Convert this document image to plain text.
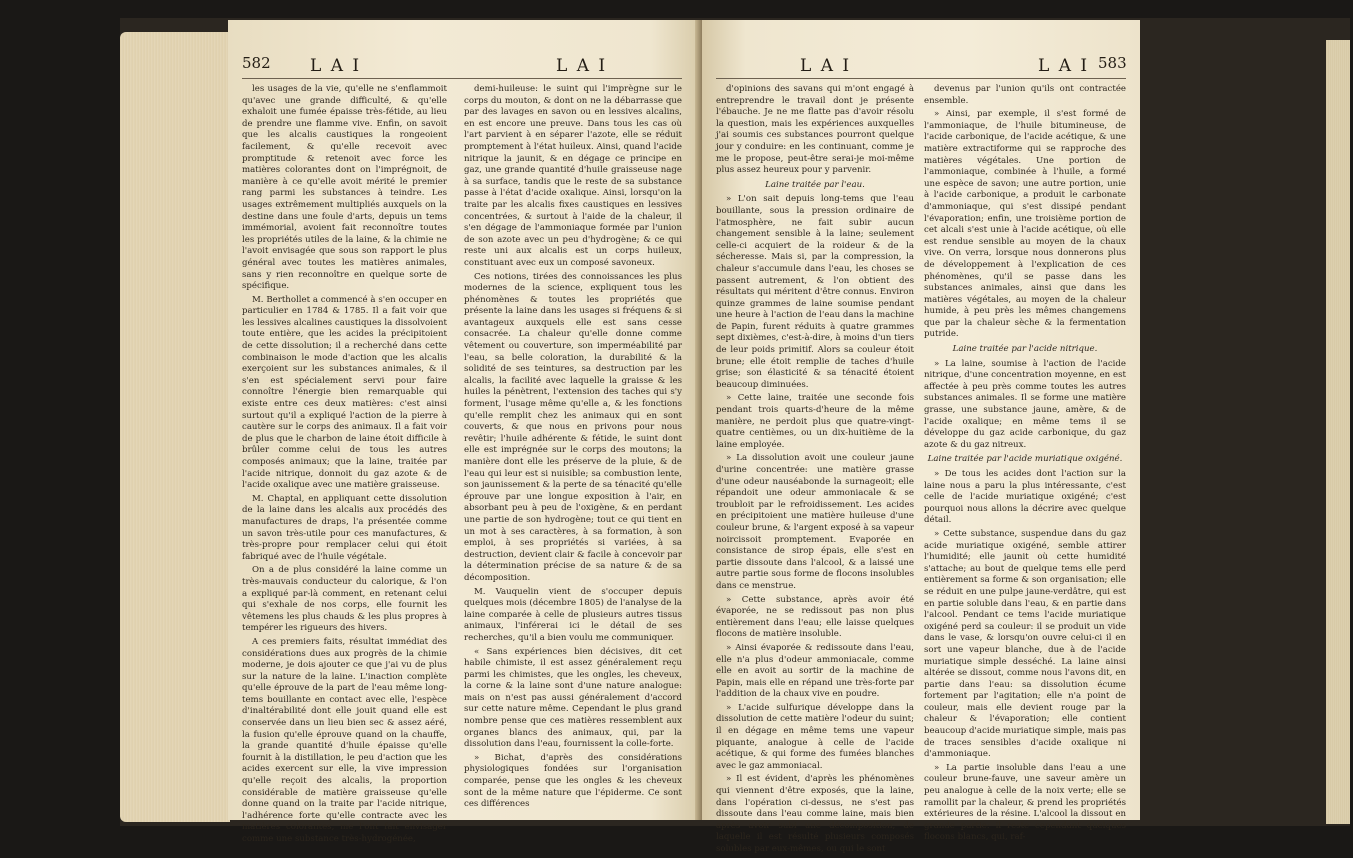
582 L A I	L A I

les usages de la vie, qu'elle ne s'enflammoit qu'avec une grande difficulté, & qu'elle exhaloit une fumée épaisse très-fétide, au lieu de prendre une flamme vive. Enfin, on savoit que les alcalis caustiques la rongeoient facilement, & qu'elle recevoit avec promptitude & retenoit avec force les matières colorantes dont on l'imprégnoit, de manière à ce qu'elle avoit mérité le premier rang parmi les substances à teindre. Les usages extrêmement multipliés auxquels on la destine dans une foule d'arts, depuis un tems immémorial, avoient fait reconnoître toutes les propriétés utiles de la laine, & la chimie ne l'avoit envisagée que sous son rapport le plus général avec toutes les matières animales, sans y rien reconnoître en quelque sorte de spécifique.

M. Berthollet a commencé à s'en occuper en particulier en 1784 & 1785. Il a fait voir que les lessives alcalines caustiques la dissolvoient toute entière, que les acides la précipitoient de cette dissolution; il a recherché dans cette combinaison le mode d'action que les alcalis exerçoient sur les substances animales, & il s'en est spécialement servi pour faire connoître l'énergie bien remarquable qui existe entre ces deux matières: c'est ainsi surtout qu'il a expliqué l'action de la pierre à cautère sur le corps des animaux. Il a fait voir de plus que le charbon de laine étoit difficile à brûler comme celui de tous les autres composés animaux; que la laine, traitée par l'acide nitrique, donnoit du gaz azote & de l'acide oxalique avec une matière graisseuse.

M. Chaptal, en appliquant cette dissolution de la laine dans les alcalis aux procédés des manufactures de draps, l'a présentée comme un savon très-utile pour ces manufactures, & très-propre pour remplacer celui qui étoit fabriqué avec de l'huile végétale.

On a de plus considéré la laine comme un très-mauvais conducteur du calorique, & l'on a expliqué par-là comment, en retenant celui qui s'exhale de nos corps, elle fournit les vêtemens les plus chauds & les plus propres à tempérer les rigueurs des hivers.

A ces premiers faits, résultat immédiat des considérations dues aux progrès de la chimie moderne, je dois ajouter ce que j'ai vu de plus sur la nature de la laine. L'inaction complète qu'elle éprouve de la part de l'eau même long-tems bouillante en contact avec elle, l'espèce d'inaltérabilité dont elle jouit quand elle est conservée dans un lieu bien sec & assez aéré, la fusion qu'elle éprouve quand on la chauffe, la grande quantité d'huile épaisse qu'elle fournit à la distillation, le peu d'action que les acides exercent sur elle, la vive impression qu'elle reçoit des alcalis, la proportion considérable de matière graisseuse qu'elle donne quand on la traite par l'acide nitrique, l'adhérence forte qu'elle contracte avec les matières colorantes, me l'ont fait envisager comme une substance très-hydrogénée,

demi-huileuse: le suint qui l'imprègne sur le corps du mouton, & dont on ne la débarrasse que par des lavages en savon ou en lessives alcalins, en est encore une preuve. Dans tous les cas où l'art parvient à en séparer l'azote, elle se réduit promptement à l'état huileux. Ainsi, quand l'acide nitrique la jaunit, & en dégage ce principe en gaz, une grande quantité d'huile graisseuse nage à sa surface, tandis que le reste de sa substance passe à l'état d'acide oxalique. Ainsi, lorsqu'on la traite par les alcalis fixes caustiques en lessives concentrées, & surtout à l'aide de la chaleur, il s'en dégage de l'ammoniaque formée par l'union de son azote avec un peu d'hydrogène; & ce qui reste uni aux alcalis est un corps huileux, constituant avec eux un composé savoneux.

Ces notions, tirées des connoissances les plus modernes de la science, expliquent tous les phénomènes & toutes les propriétés que présente la laine dans les usages si fréquens & si avantageux auxquels elle est sans cesse consacrée. La chaleur qu'elle donne comme vêtement ou couverture, son imperméabilité par l'eau, sa belle coloration, la durabilité & la solidité de ses teintures, sa destruction par les alcalis, la facilité avec laquelle la graisse & les huiles la pénètrent, l'extension des taches qui s'y forment, l'usage même qu'elle a, & les fonctions qu'elle remplit chez les animaux qui en sont couverts, & que nous en privons pour nous revêtir; l'huile adhérente & fétide, le suint dont elle est imprégnée sur le corps des moutons; la manière dont elle les préserve de la pluie, & de l'eau qui leur est si nuisible; sa combustion lente, son jaunissement & la perte de sa ténacité qu'elle éprouve par une longue exposition à l'air, en absorbant peu à peu de l'oxigène, & en perdant une partie de son hydrogène; tout ce qui tient en un mot à ses caractères, à sa formation, à son emploi, à ses propriétés si variées, à sa destruction, devient clair & facile à concevoir par la détermination précise de sa nature & de sa décomposition.

M. Vauquelin vient de s'occuper depuis quelques mois (décembre 1805) de l'analyse de la laine comparée à celle de plusieurs autres tissus animaux, l'inférerai ici le détail de ses recherches, qu'il a bien voulu me communiquer.

« Sans expériences bien décisives, dit cet habile chimiste, il est assez généralement reçu parmi les chimistes, que les ongles, les cheveux, la corne & la laine sont d'une nature analogue: mais on n'est pas aussi généralement d'accord sur cette nature même. Cependant le plus grand nombre pense que ces matières ressemblent aux organes blancs des animaux, qui, par la dissolution dans l'eau, fournissent la colle-forte.

» Bichat, d'après des considérations physiologiques fondées sur l'organisation comparée, pense que les ongles & les cheveux sont de la même nature que l'épiderme. Ce sont ces différences

L A I	L A I 583

d'opinions des savans qui m'ont engagé à entreprendre le travail dont je présente l'ébauche. Je ne me flatte pas d'avoir résolu la question, mais les expériences auxquelles j'ai soumis ces substances pourront quelque jour y conduire: en les continuant, comme je me le propose, peut-être serai-je moi-même plus assez heureux pour y parvenir.

Laine traitée par l'eau.

» L'on sait depuis long-tems que l'eau bouillante, sous la pression ordinaire de l'atmosphère, ne fait subir aucun changement sensible à la laine; seulement celle-ci acquiert de la roideur & de la sécheresse. Mais si, par la compression, la chaleur s'accumule dans l'eau, les choses se passent autrement, & l'on obtient des résultats qui méritent d'être connus. Environ quinze grammes de laine soumise pendant une heure à l'action de l'eau dans la machine de Papin, furent réduits à quatre grammes sept dixièmes, c'est-à-dire, à moins d'un tiers de leur poids primitif. Alors sa couleur étoit brune; elle étoit remplie de taches d'huile grise; son élasticité & sa ténacité étoient beaucoup diminuées.

» Cette laine, traitée une seconde fois pendant trois quarts-d'heure de la même manière, ne perdoit plus que quatre-vingt-quatre centièmes, ou un dix-huitième de la laine employée.

» La dissolution avoit une couleur jaune d'urine concentrée: une matière grasse d'une odeur nauséabonde la surnageoit; elle répandoit une odeur ammoniacale & se troubloit par le refroidissement. Les acides en précipitoient une matière huileuse d'une couleur brune, & l'argent exposé à sa vapeur noircissoit promptement. Evaporée en consistance de sirop épais, elle s'est en partie dissoute dans l'alcool, & a laissé une autre partie sous forme de flocons insolubles dans ce menstrue.

» Cette substance, après avoir été évaporée, ne se redissout pas non plus entièrement dans l'eau; elle laisse quelques flocons de matière insoluble.

» Ainsi évaporée & redissoute dans l'eau, elle n'a plus d'odeur ammoniacale, comme elle en avoit au sortir de la machine de Papin, mais elle en répand une très-forte par l'addition de la chaux vive en poudre.

» L'acide sulfurique développe dans la dissolution de cette matière l'odeur du suint; il en dégage en même tems une vapeur piquante, analogue à celle de l'acide acétique, & qui forme des fumées blanches avec le gaz ammoniacal.

» Il est évident, d'après les phénomènes qui viennent d'être exposés, que la laine, dans l'opération ci-dessus, ne s'est pas dissoute dans l'eau comme laine, mais bien après avoir subi une décomposition, de laquelle il est résulté plusieurs composés solubles par eux-mêmes, ou qui le sont

devenus par l'union qu'ils ont contractée ensemble.

» Ainsi, par exemple, il s'est formé de l'ammoniaque, de l'huile bitumineuse, de l'acide carbonique, de l'acide acétique, & une matière extractiforme qui se rapproche des matières végétales. Une portion de l'ammoniaque, combinée à l'huile, a formé une espèce de savon; une autre portion, unie à l'acide carbonique, a produit le carbonate d'ammoniaque, qui s'est dissipé pendant l'évaporation; enfin, une troisième portion de cet alcali s'est unie à l'acide acétique, où elle est rendue sensible au moyen de la chaux vive. On verra, lorsque nous donnerons plus de développement à l'explication de ces phénomènes, qu'il se passe dans les substances animales, ainsi que dans les matières végétales, au moyen de la chaleur humide, à peu près les mêmes changemens que par la chaleur sèche & la fermentation putride.

Laine traitée par l'acide nitrique.

» La laine, soumise à l'action de l'acide nitrique, d'une concentration moyenne, en est affectée à peu près comme toutes les autres substances animales. Il se forme une matière grasse, une substance jaune, amère, & de l'acide oxalique; en même tems il se développe du gaz acide carbonique, du gaz azote & du gaz nitreux.

Laine traitée par l'acide muriatique oxigéné.

» De tous les acides dont l'action sur la laine nous a paru la plus intéressante, c'est celle de l'acide muriatique oxigéné; c'est pourquoi nous allons la décrire avec quelque détail.

» Cette substance, suspendue dans du gaz acide muriatique oxigéné, semble attirer l'humidité; elle jaunit où cette humidité s'attache; au bout de quelque tems elle perd entièrement sa forme & son organisation; elle se réduit en une pulpe jaune-verdâtre, qui est en partie soluble dans l'eau, & en partie dans l'alcool. Pendant ce tems l'acide muriatique oxigéné perd sa couleur: il se produit un vide dans le vase, & lorsqu'on ouvre celui-ci il en sort une vapeur blanche, due à de l'acide muriatique simple desséché. La laine ainsi altérée se dissout, comme nous l'avons dit, en partie dans l'eau: sa dissolution écume fortement par l'agitation; elle n'a point de couleur, mais elle devient rouge par la chaleur & l'évaporation; elle contient beaucoup d'acide muriatique simple, mais pas de traces sensibles d'acide oxalique ni d'ammoniaque.

» La partie insoluble dans l'eau a une couleur brune-fauve, une saveur amère un peu analogue à celle de la noix verte; elle se ramollit par la chaleur, & prend les propriétés extérieures de la résine. L'alcool la dissout en grande partie: il reste cependant quelques flocons blancs, qui, raf-
